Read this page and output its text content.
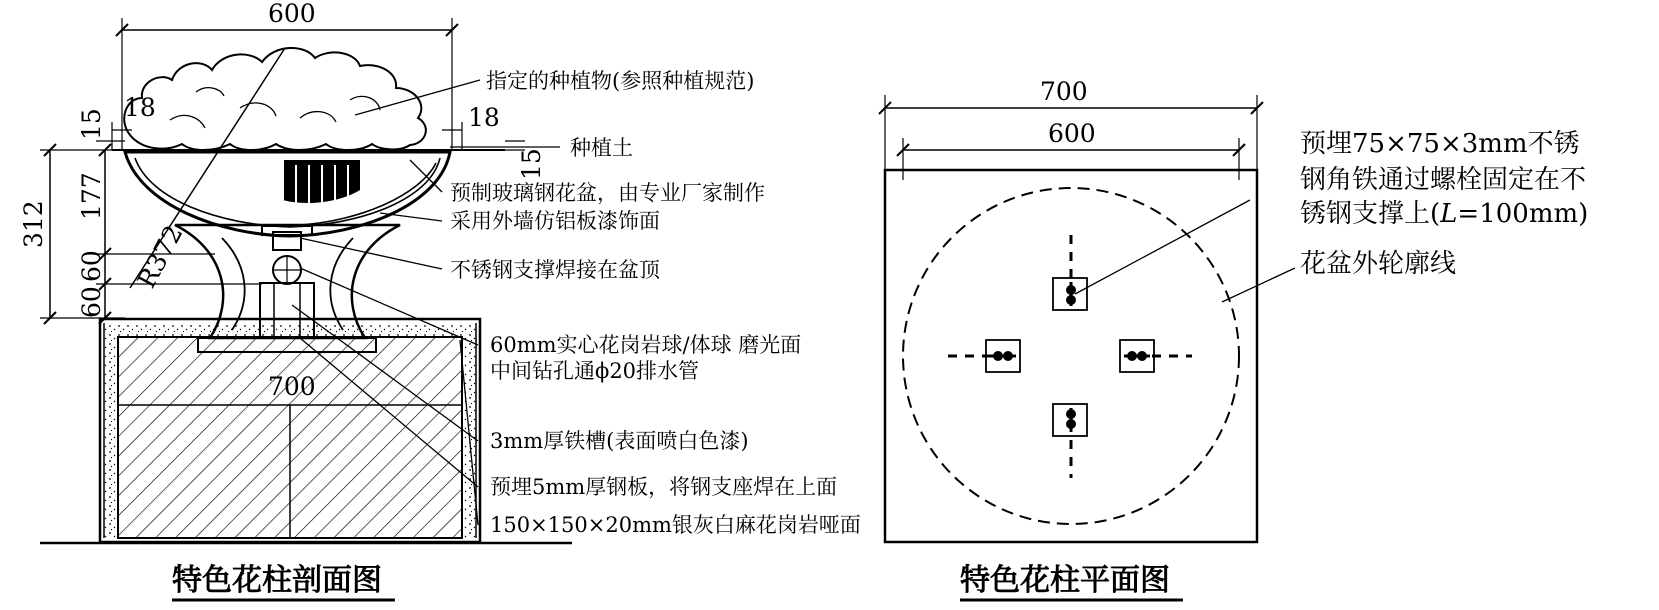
R372
600
18	18
312
177
60
60
15
15
700
指定的种植物(参照种植规范)
种植土
预制玻璃钢花盆，由专业厂家制作
采用外墙仿铝板漆饰面
不锈钢支撑焊接在盆顶
60mm实心花岗岩球/体球 磨光面
中间钻孔通ϕ20排水管
3mm厚铁槽(表面喷白色漆)
预埋5mm厚钢板，将钢支座焊在上面
150×150×20mm银灰白麻花岗岩哑面
特色花柱剖面图
700
600	预埋75×75×3mm不锈
钢角铁通过螺栓固定在不
锈钢支撑上(L=100mm)
花盆外轮廓线
特色花柱平面图
